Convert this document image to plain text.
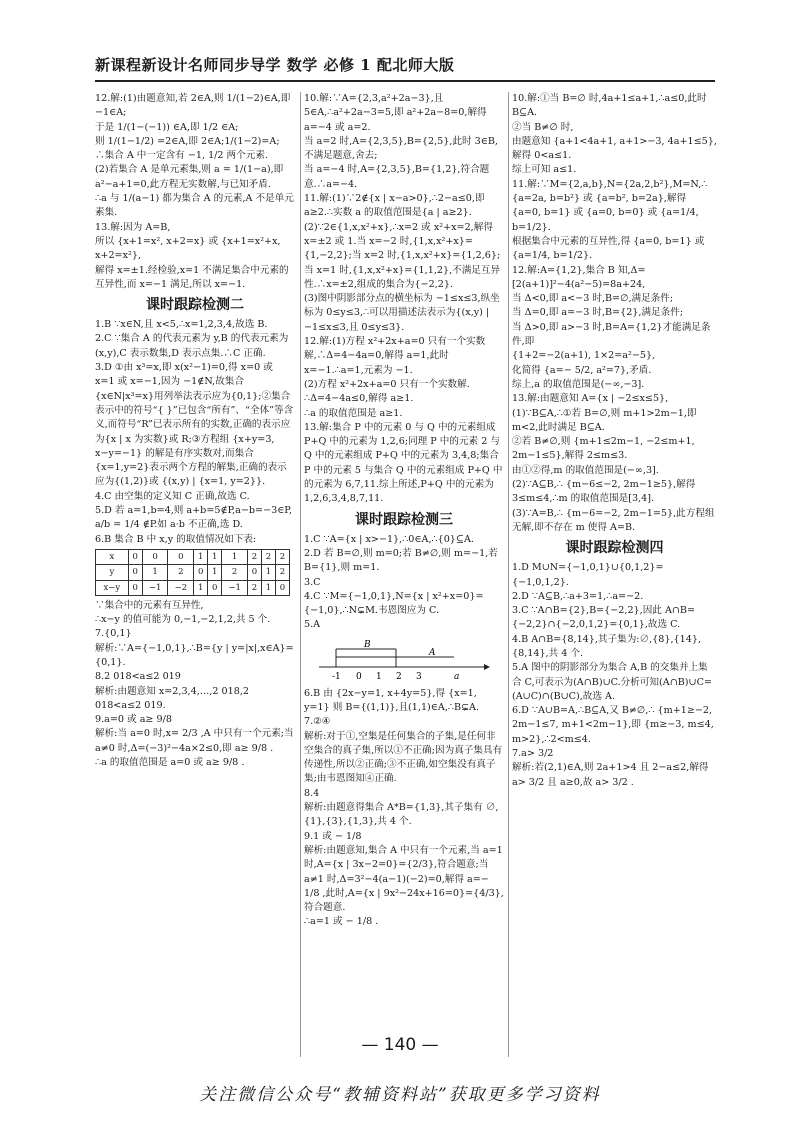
新课程新设计名师同步导学 数学 必修 1 配北师大版
12.解:(1)由题意知,若 2∈A,则 1/(1−2)∈A,即 −1∈A;
于是 1/(1−(−1)) ∈A,即 1/2 ∈A;
则 1/(1−1/2) =2∈A,即 2∈A;1/(1−2)=A;
∴集合 A 中一定含有 −1, 1/2 两个元素.
(2)若集合 A 是单元素集,则 a = 1/(1−a),即 a²−a+1=0,此方程无实数解,与已知矛盾.
∴a 与 1/(a−1) 都为集合 A 的元素,A 不是单元素集.
13.解:因为 A=B,
所以 {x+1=x², x+2=x} 或 {x+1=x²+x, x+2=x²},
解得 x=±1.经检验,x=1 不满足集合中元素的互异性,而 x=−1 满足,所以 x=−1.
课时跟踪检测二
1.B ∵x∈N,且 x<5,∴x=1,2,3,4,故选 B.
2.C ∵集合 A 的代表元素为 y,B 的代表元素为 (x,y),C 表示数集,D 表示点集.∴C 正确.
3.D ①由 x³=x,即 x(x²−1)=0,得 x=0 或 x=1 或 x=−1,因为 −1∉N,故集合{x∈N|x³=x}用列举法表示应为{0,1};②集合表示中的符号“{ }”已包含“所有”、“全体”等含义,而符号“R”已表示所有的实数,正确的表示应为{x | x 为实数}或 R;③方程组 {x+y=3, x−y=−1} 的解是有序实数对,而集合{x=1,y=2}表示两个方程的解集,正确的表示应为{(1,2)}或 {(x,y) | {x=1, y=2}}.
4.C 由空集的定义知 C 正确,故选 C.
5.D 若 a=1,b=4,则 a+b=5∉P,a−b=−3∈P, a/b = 1/4 ∉P.如 a·b 不正确,选 D.
6.B 集合 B 中 x,y 的取值情况如下表:
x	0	0	0	1	1	1	2	2	2
y	0	1	2	0	1	2	0	1	2
x−y	0	−1	−2	1	0	−1	2	1	0
∵集合中的元素有互异性,
∴x−y 的值可能为 0,−1,−2,1,2,共 5 个.
7.{0,1}
解析:∵A={−1,0,1},∴B={y | y=|x|,x∈A}={0,1}.
8.2 018<a≤2 019
解析:由题意知 x=2,3,4,…,2 018,2 018<a≤2 019.
9.a=0 或 a≥ 9/8
解析:当 a=0 时,x= 2/3 ,A 中只有一个元素;当 a≠0 时,Δ=(−3)²−4a×2≤0,即 a≥ 9/8 .
∴a 的取值范围是 a=0 或 a≥ 9/8 .
10.解:∵A={2,3,a²+2a−3},且 5∈A,∴a²+2a−3=5,即 a²+2a−8=0,解得 a=−4 或 a=2.
当 a=2 时,A={2,3,5},B={2,5},此时 3∈B,不满足题意,舍去;
当 a=−4 时,A={2,3,5},B={1,2},符合题意.∴a=−4.
11.解:(1)∵2∉{x | x−a>0},∴2−a≤0,即 a≥2.∴实数 a 的取值范围是{a | a≥2}.
(2)∵2∈{1,x,x²+x},∴x=2 或 x²+x=2,解得 x=±2 或 1.当 x=−2 时,{1,x,x²+x}={1,−2,2};当 x=2 时,{1,x,x²+x}={1,2,6};当 x=1 时,{1,x,x²+x}={1,1,2},不满足互异性.∴x=±2,组成的集合为{−2,2}.
(3)图中阴影部分点的横坐标为 −1≤x≤3,纵坐标为 0≤y≤3,∴可以用描述法表示为{(x,y) | −1≤x≤3,且 0≤y≤3}.
12.解:(1)方程 x²+2x+a=0 只有一个实数解,∴Δ=4−4a=0,解得 a=1,此时 x=−1.∴a=1,元素为 −1.
(2)方程 x²+2x+a=0 只有一个实数解.
∴Δ=4−4a≤0,解得 a≥1.
∴a 的取值范围是 a≥1.
13.解:集合 P 中的元素 0 与 Q 中的元素组成 P+Q 中的元素为 1,2,6;同理 P 中的元素 2 与 Q 中的元素组成 P+Q 中的元素为 3,4,8;集合 P 中的元素 5 与集合 Q 中的元素组成 P+Q 中的元素为 6,7,11.综上所述,P+Q 中的元素为 1,2,6,3,4,8,7,11.
课时跟踪检测三
1.C ∵A={x | x>−1},∴0∈A,∴{0}⊆A.
2.D 若 B=∅,则 m=0;若 B≠∅,则 m=−1,若 B={1},则 m=1.
3.C
4.C ∵M={−1,0,1},N={x | x²+x=0}={−1,0},∴N⊊M.韦恩图应为 C.
5.A
B
A
-1 0 1 2 3	a
6.B 由 {2x−y=1, x+4y=5},得 {x=1, y=1} 则 B={(1,1)},且(1,1)∈A,∴B⊊A.
7.②④
解析:对于①,空集是任何集合的子集,是任何非空集合的真子集,所以①不正确;因为真子集具有传递性,所以②正确;③不正确,如空集没有真子集;由韦恩图知④正确.
8.4
解析:由题意得集合 A*B={1,3},其子集有 ∅,{1},{3},{1,3},共 4 个.
9.1 或 − 1/8
解析:由题意知,集合 A 中只有一个元素,当 a=1 时,A={x | 3x−2=0}={2/3},符合题意;当 a≠1 时,Δ=3²−4(a−1)(−2)=0,解得 a=− 1/8 ,此时,A={x | 9x²−24x+16=0}={4/3},符合题意.
∴a=1 或 − 1/8 .
10.解:①当 B=∅ 时,4a+1≤a+1,∴a≤0,此时 B⊆A.
②当 B≠∅ 时,
由题意知 {a+1<4a+1, a+1>−3, 4a+1≤5},解得 0<a≤1.
综上可知 a≤1.
11.解:∵M={2,a,b},N={2a,2,b²},M=N,∴ {a=2a, b=b²} 或 {a=b², b=2a},解得 {a=0, b=1} 或 {a=0, b=0} 或 {a=1/4, b=1/2}.
根据集合中元素的互异性,得 {a=0, b=1} 或 {a=1/4, b=1/2}.
12.解:A={1,2},集合 B 知,Δ=[2(a+1)]²−4(a²−5)=8a+24,
当 Δ<0,即 a<−3 时,B=∅,满足条件;
当 Δ=0,即 a=−3 时,B={2},满足条件;
当 Δ>0,即 a>−3 时,B=A={1,2}才能满足条件,即
{1+2=−2(a+1), 1×2=a²−5},
化简得 {a=− 5/2, a²=7},矛盾.
综上,a 的取值范围是(−∞,−3].
13.解:由题意知 A={x | −2≤x≤5},
(1)∵B⊆A,∴①若 B=∅,则 m+1>2m−1,即 m<2,此时满足 B⊆A.
②若 B≠∅,则 {m+1≤2m−1, −2≤m+1, 2m−1≤5},解得 2≤m≤3.
由①②得,m 的取值范围是(−∞,3].
(2)∵A⊆B,∴ {m−6≤−2, 2m−1≥5},解得 3≤m≤4,∴m 的取值范围是[3,4].
(3)∵A=B,∴ {m−6=−2, 2m−1=5},此方程组无解,即不存在 m 使得 A=B.
课时跟踪检测四
1.D M∪N={−1,0,1}∪{0,1,2}={−1,0,1,2}.
2.D ∵A⊆B,∴a+3=1,∴a=−2.
3.C ∵A∩B={2},B={−2,2},因此 A∩B={−2,2}∩{−2,0,1,2}={0,1},故选 C.
4.B A∩B={8,14},其子集为:∅,{8},{14},{8,14},共 4 个.
5.A 图中的阴影部分为集合 A,B 的交集并上集合 C,可表示为(A∩B)∪C.分析可知(A∩B)∪C=(A∪C)∩(B∪C),故选 A.
6.D ∵A∪B=A,∴B⊆A,又 B≠∅,∴ {m+1≥−2, 2m−1≤7, m+1<2m−1},即 {m≥−3, m≤4, m>2},∴2<m≤4.
7.a> 3/2
解析:若(2,1)∈A,则 2a+1>4 且 2−a≤2,解得 a> 3/2 且 a≥0,故 a> 3/2 .
— 140 —
关注微信公众号“教辅资料站”获取更多学习资料
